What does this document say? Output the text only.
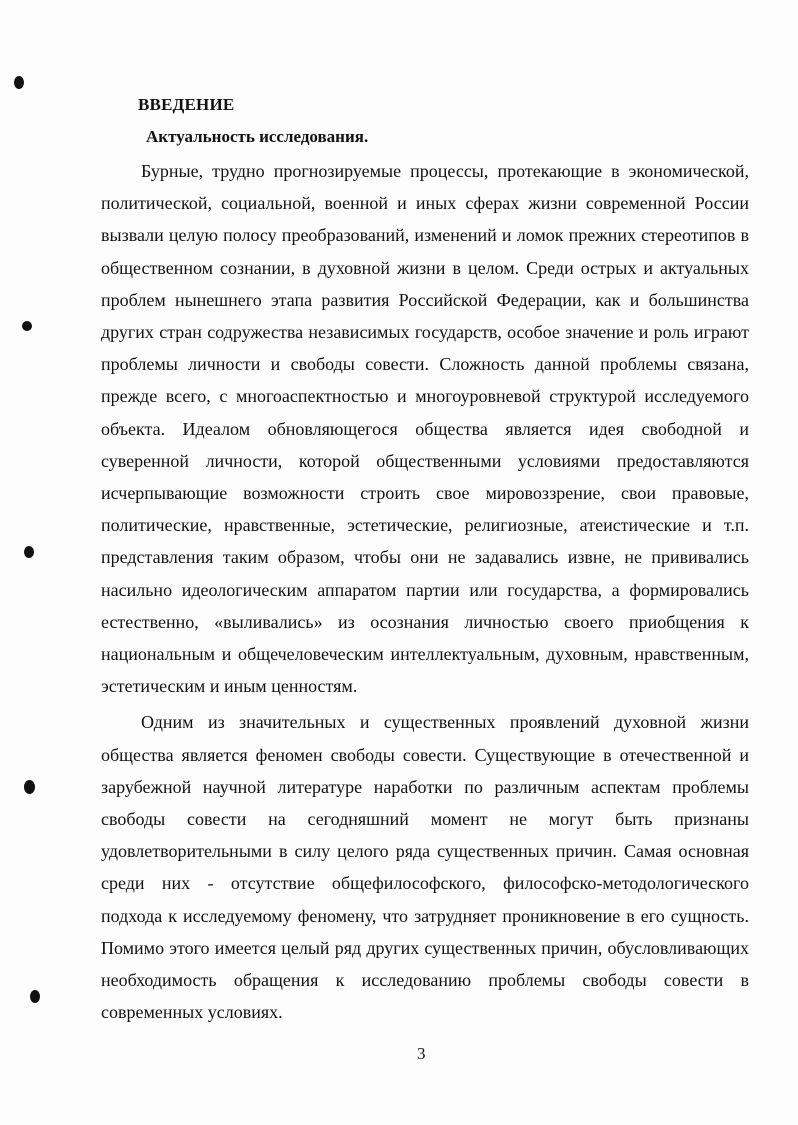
ВВЕДЕНИЕ
Актуальность исследования.

Бурные, трудно прогнозируемые процессы, протекающие в экономической, политической, социальной, военной и иных сферах жизни современной России вызвали целую полосу преобразований, изменений и ломок прежних стереотипов в общественном сознании, в духовной жизни в целом. Среди острых и актуальных проблем нынешнего этапа развития Российской Федерации, как и большинства других стран содружества независимых государств, особое значение и роль играют проблемы личности и свободы совести. Сложность данной проблемы связана, прежде всего, с многоаспектностью и многоуровневой структурой исследуемого объекта. Идеалом обновляющегося общества является идея свободной и суверенной личности, которой общественными условиями предоставляются исчерпывающие возможности строить свое мировоззрение, свои правовые, политические, нравственные, эстетические, религиозные, атеистические и т.п. представления таким образом, чтобы они не задавались извне, не прививались насильно идеологическим аппаратом партии или государства, а формировались естественно, «выливались» из осознания личностью своего приобщения к национальным и общечеловеческим интеллектуальным, духовным, нравственным, эстетическим и иным ценностям.

Одним из значительных и существенных проявлений духовной жизни общества является феномен свободы совести. Существующие в отечественной и зарубежной научной литературе наработки по различным аспектам проблемы свободы совести на сегодняшний момент не могут быть признаны удовлетворительными в силу целого ряда существенных причин. Самая основная среди них - отсутствие общефилософского, философско-методологического подхода к исследуемому феномену, что затрудняет проникновение в его сущность. Помимо этого имеется целый ряд других существенных причин, обусловливающих необходимость обращения к исследованию проблемы свободы совести в современных условиях.

3
